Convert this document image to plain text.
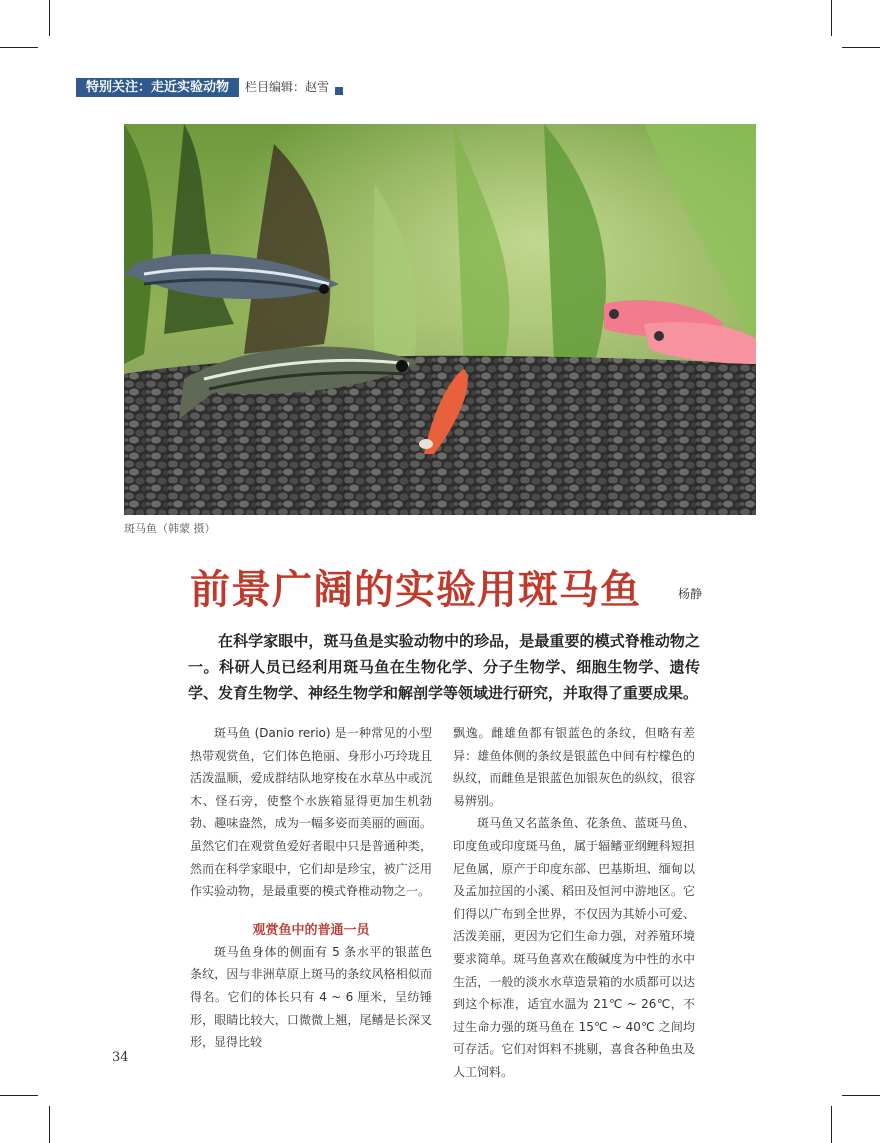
特别关注：走近实验动物	栏目编辑：赵雪
斑马鱼（韩蒙 摄）
前景广阔的实验用斑马鱼	杨静
在科学家眼中，斑马鱼是实验动物中的珍品，是最重要的模式脊椎动物之一。科研人员已经利用斑马鱼在生物化学、分子生物学、细胞生物学、遗传学、发育生物学、神经生物学和解剖学等领域进行研究，并取得了重要成果。

斑马鱼 (Danio rerio) 是一种常见的小型热带观赏鱼，它们体色艳丽、身形小巧玲珑且活泼温顺，爱成群结队地穿梭在水草丛中或沉木、怪石旁，使整个水族箱显得更加生机勃勃、趣味盎然，成为一幅多姿而美丽的画面。虽然它们在观赏鱼爱好者眼中只是普通种类，然而在科学家眼中，它们却是珍宝，被广泛用作实验动物，是最重要的模式脊椎动物之一。

观赏鱼中的普通一员

斑马鱼身体的侧面有 5 条水平的银蓝色条纹，因与非洲草原上斑马的条纹风格相似而得名。它们的体长只有 4 ~ 6 厘米，呈纺锤形，眼睛比较大，口微微上翘，尾鳍是长深叉形，显得比较

飘逸。雌雄鱼都有银蓝色的条纹，但略有差异：雄鱼体侧的条纹是银蓝色中间有柠檬色的纵纹，而雌鱼是银蓝色加银灰色的纵纹，很容易辨别。

斑马鱼又名蓝条鱼、花条鱼、蓝斑马鱼、印度鱼或印度斑马鱼，属于辐鳍亚纲鲤科短担尼鱼属，原产于印度东部、巴基斯坦、缅甸以及孟加拉国的小溪、稻田及恒河中游地区。它们得以广布到全世界，不仅因为其娇小可爱、活泼美丽，更因为它们生命力强，对养殖环境要求简单。斑马鱼喜欢在酸碱度为中性的水中生活，一般的淡水水草造景箱的水质都可以达到这个标准，适宜水温为 21℃ ~ 26℃，不过生命力强的斑马鱼在 15℃ ~ 40℃ 之间均可存活。它们对饵料不挑剔，喜食各种鱼虫及人工饲料。

34
